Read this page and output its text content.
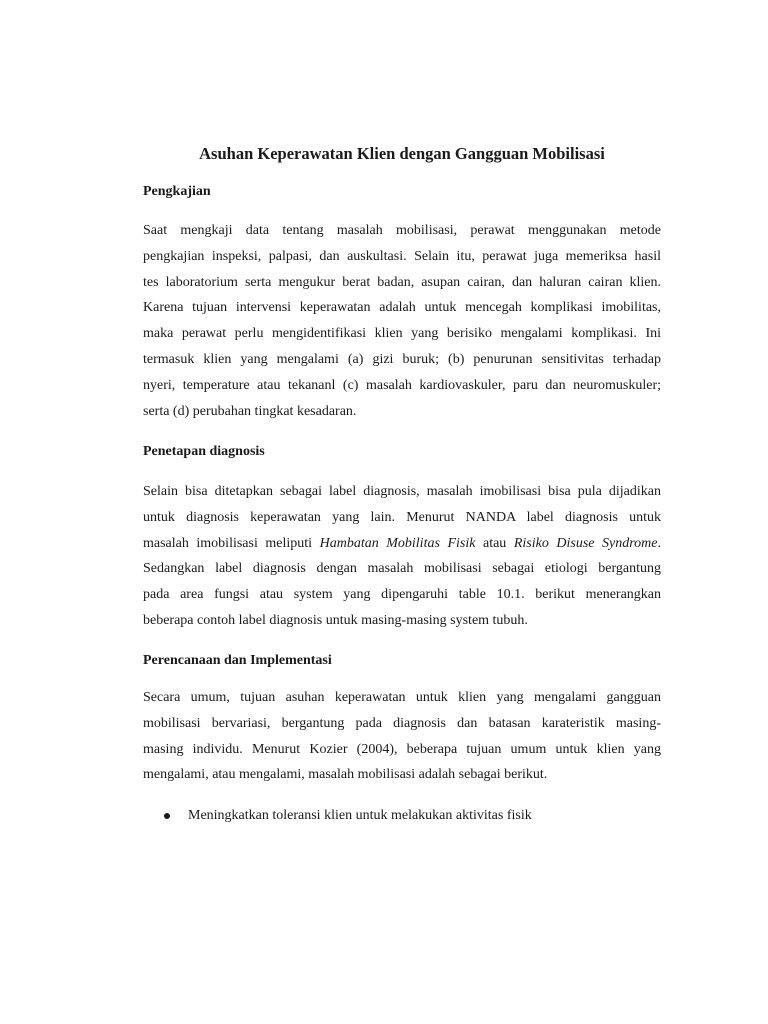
Asuhan Keperawatan Klien dengan Gangguan Mobilisasi
Pengkajian
Saat mengkaji data tentang masalah mobilisasi, perawat menggunakan metode
pengkajian inspeksi, palpasi, dan auskultasi. Selain itu, perawat juga memeriksa hasil
tes laboratorium serta mengukur berat badan, asupan cairan, dan haluran cairan klien.
Karena tujuan intervensi keperawatan adalah untuk mencegah komplikasi imobilitas,
maka perawat perlu mengidentifikasi klien yang berisiko mengalami komplikasi. Ini
termasuk klien yang mengalami (a) gizi buruk; (b) penurunan sensitivitas terhadap
nyeri, temperature atau tekananl (c) masalah kardiovaskuler, paru dan neuromuskuler;
serta (d) perubahan tingkat kesadaran.
Penetapan diagnosis
Selain bisa ditetapkan sebagai label diagnosis, masalah imobilisasi bisa pula dijadikan
untuk diagnosis keperawatan yang lain. Menurut NANDA label diagnosis untuk
masalah imobilisasi meliputi Hambatan Mobilitas Fisik atau Risiko Disuse Syndrome.
Sedangkan label diagnosis dengan masalah mobilisasi sebagai etiologi bergantung
pada area fungsi atau system yang dipengaruhi table 10.1. berikut menerangkan
beberapa contoh label diagnosis untuk masing-masing system tubuh.
Perencanaan dan Implementasi
Secara umum, tujuan asuhan keperawatan untuk klien yang mengalami gangguan
mobilisasi bervariasi, bergantung pada diagnosis dan batasan karateristik masing-
masing individu. Menurut Kozier (2004), beberapa tujuan umum untuk klien yang
mengalami, atau mengalami, masalah mobilisasi adalah sebagai berikut.
Meningkatkan toleransi klien untuk melakukan aktivitas fisik
